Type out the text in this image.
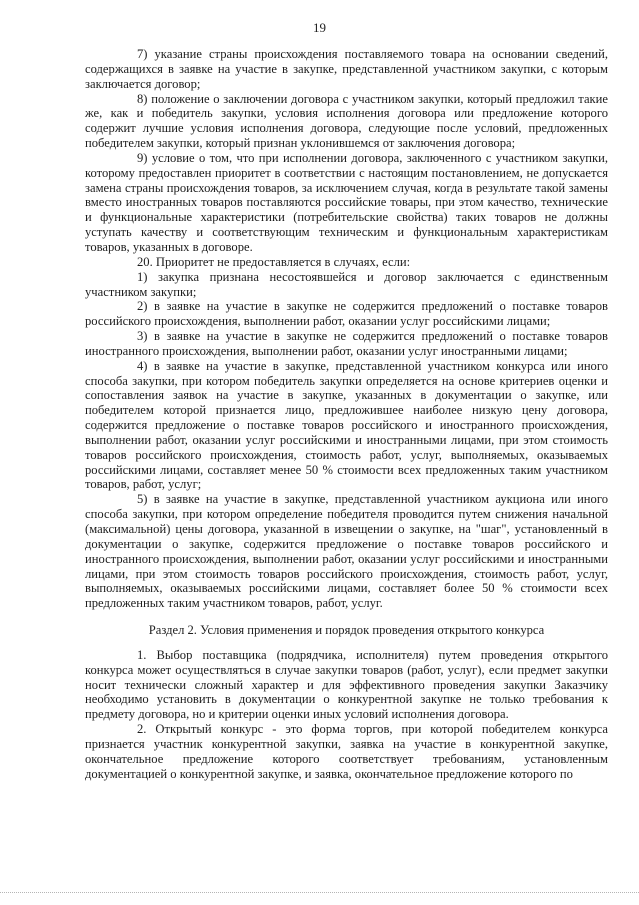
19

7) указание страны происхождения поставляемого товара на основании сведений, содержащихся в заявке на участие в закупке, представленной участником закупки, с которым заключается договор;

8) положение о заключении договора с участником закупки, который предложил такие же, как и победитель закупки, условия исполнения договора или предложение которого содержит лучшие условия исполнения договора, следующие после условий, предложенных победителем закупки, который признан уклонившемся от заключения договора;

9) условие о том, что при исполнении договора, заключенного с участником закупки, которому предоставлен приоритет в соответствии с настоящим постановлением, не допускается замена страны происхождения товаров, за исключением случая, когда в результате такой замены вместо иностранных товаров поставляются российские товары, при этом качество, технические и функциональные характеристики (потребительские свойства) таких товаров не должны уступать качеству и соответствующим техническим и функциональным характеристикам товаров, указанных в договоре.

20. Приоритет не предоставляется в случаях, если:

1) закупка признана несостоявшейся и договор заключается с единственным участником закупки;

2) в заявке на участие в закупке не содержится предложений о поставке товаров российского происхождения, выполнении работ, оказании услуг российскими лицами;

3) в заявке на участие в закупке не содержится предложений о поставке товаров иностранного происхождения, выполнении работ, оказании услуг иностранными лицами;

4) в заявке на участие в закупке, представленной участником конкурса или иного способа закупки, при котором победитель закупки определяется на основе критериев оценки и сопоставления заявок на участие в закупке, указанных в документации о закупке, или победителем которой признается лицо, предложившее наиболее низкую цену договора, содержится предложение о поставке товаров российского и иностранного происхождения, выполнении работ, оказании услуг российскими и иностранными лицами, при этом стоимость товаров российского происхождения, стоимость работ, услуг, выполняемых, оказываемых российскими лицами, составляет менее 50 % стоимости всех предложенных таким участником товаров, работ, услуг;

5) в заявке на участие в закупке, представленной участником аукциона или иного способа закупки, при котором определение победителя проводится путем снижения начальной (максимальной) цены договора, указанной в извещении о закупке, на "шаг", установленный в документации о закупке, содержится предложение о поставке товаров российского и иностранного происхождения, выполнении работ, оказании услуг российскими и иностранными лицами, при этом стоимость товаров российского происхождения, стоимость работ, услуг, выполняемых, оказываемых российскими лицами, составляет более 50 % стоимости всех предложенных таким участником товаров, работ, услуг.

Раздел 2. Условия применения и порядок проведения открытого конкурса

1. Выбор поставщика (подрядчика, исполнителя) путем проведения открытого конкурса может осуществляться в случае закупки товаров (работ, услуг), если предмет закупки носит технически сложный характер и для эффективного проведения закупки Заказчику необходимо установить в документации о конкурентной закупке не только требования к предмету договора, но и критерии оценки иных условий исполнения договора.

2. Открытый конкурс - это форма торгов, при которой победителем конкурса признается участник конкурентной закупки, заявка на участие в конкурентной закупке, окончательное предложение которого соответствует требованиям, установленным документацией о конкурентной закупке, и заявка, окончательное предложение которого по
